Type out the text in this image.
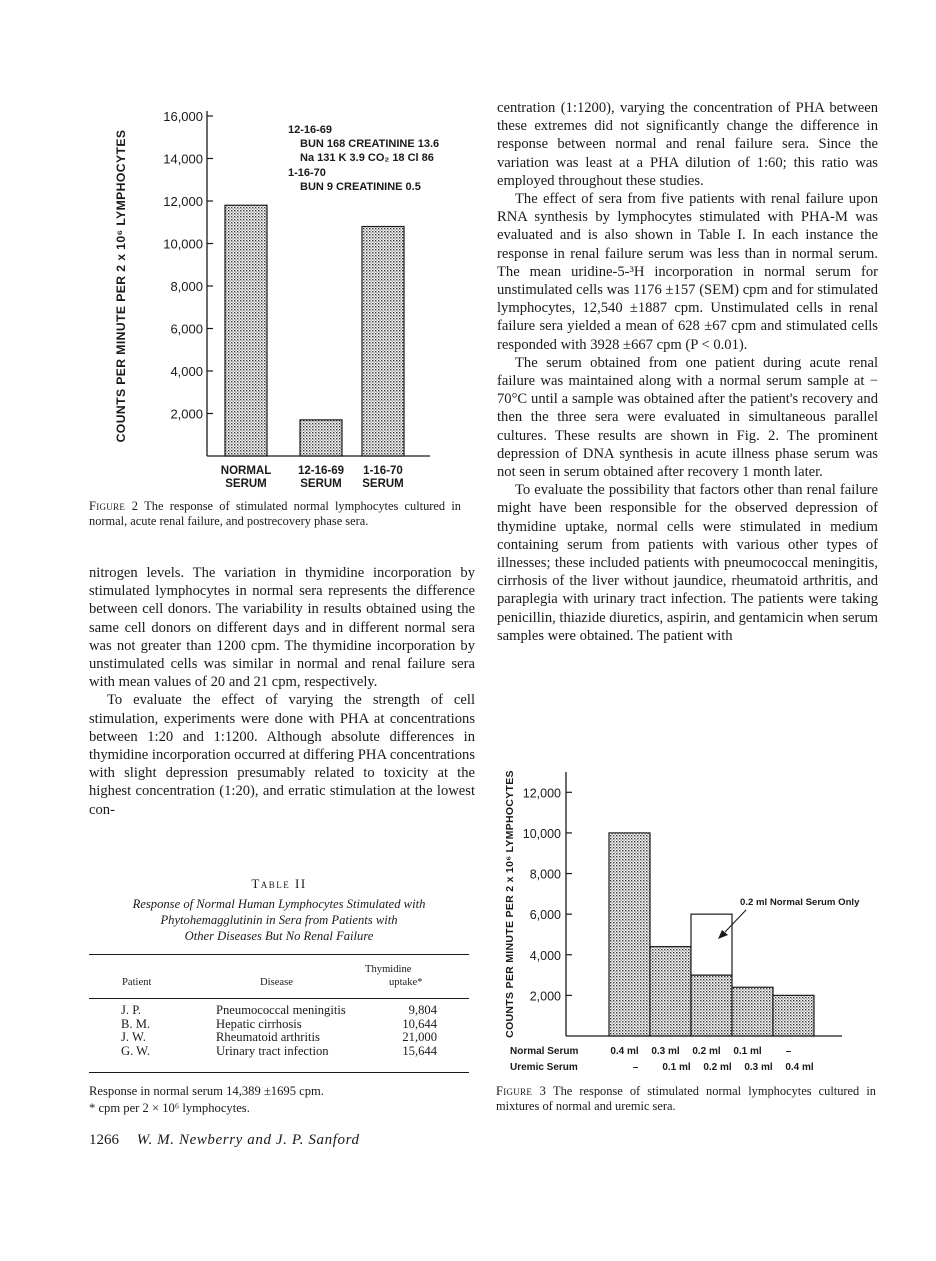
2,000
4,000
6,000
8,000
10,000
12,000
14,000
16,000
COUNTS PER MINUTE PER 2 x 10⁶ LYMPHOCYTES
NORMAL
SERUM
12-16-69
SERUM
1-16-70
SERUM
12-16-69
BUN 168 CREATININE 13.6
Na 131 K 3.9 CO₂ 18 Cl 86
1-16-70
BUN 9 CREATININE 0.5
Figure 2 The response of stimulated normal lymphocytes cultured in normal, acute renal failure, and postrecovery phase sera.

nitrogen levels. The variation in thymidine incorporation by stimulated lymphocytes in normal sera represents the difference between cell donors. The variability in results obtained using the same cell donors on different days and in different normal sera was not greater than 1200 cpm. The thymidine incorporation by unstimulated cells was similar in normal and renal failure sera with mean values of 20 and 21 cpm, respectively.

To evaluate the effect of varying the strength of cell stimulation, experiments were done with PHA at concentrations between 1:20 and 1:1200. Although absolute differences in thymidine incorporation occurred at differing PHA concentrations with slight depression presumably related to toxicity at the highest concentration (1:20), and erratic stimulation at the lowest con-

Table II
Response of Normal Human Lymphocytes Stimulated with
Phytohemagglutinin in Sera from Patients with
Other Diseases But No Renal Failure
Patient	Disease
Thymidine
uptake*
J. P.	Pneumococcal meningitis	9,804
B. M.	Hepatic cirrhosis	10,644
J. W.	Rheumatoid arthritis	21,000
G. W.	Urinary tract infection	15,644
Response in normal serum 14,389 ±1695 cpm.
* cpm per 2 × 10⁶ lymphocytes.
1266 W. M. Newberry and J. P. Sanford

centration (1:1200), varying the concentration of PHA between these extremes did not significantly change the difference in response between normal and renal failure sera. Since the variation was least at a PHA dilution of 1:60; this ratio was employed throughout these studies.

The effect of sera from five patients with renal failure upon RNA synthesis by lymphocytes stimulated with PHA-M was evaluated and is also shown in Table I. In each instance the response in renal failure serum was less than in normal serum. The mean uridine-5-³H incorporation in normal serum for unstimulated cells was 1176 ±157 (SEM) cpm and for stimulated lymphocytes, 12,540 ±1887 cpm. Unstimulated cells in renal failure sera yielded a mean of 628 ±67 cpm and stimulated cells responded with 3928 ±667 cpm (P < 0.01).

The serum obtained from one patient during acute renal failure was maintained along with a normal serum sample at − 70°C until a sample was obtained after the patient's recovery and then the three sera were evaluated in simultaneous parallel cultures. These results are shown in Fig. 2. The prominent depression of DNA synthesis in acute illness phase serum was not seen in serum obtained after recovery 1 month later.

To evaluate the possibility that factors other than renal failure might have been responsible for the observed depression of thymidine uptake, normal cells were stimulated in medium containing serum from patients with various other types of illnesses; these included patients with pneumococcal meningitis, cirrhosis of the liver without jaundice, rheumatoid arthritis, and paraplegia with urinary tract infection. The patients were taking penicillin, thiazide diuretics, aspirin, and gentamicin when serum samples were obtained. The patient with

2,000
4,000
6,000
8,000
10,000
12,000
COUNTS PER MINUTE PER 2 x 10⁶ LYMPHOCYTES	0.2 ml Normal Serum Only
Normal Serum
Uremic Serum
0.4 ml 0.3 ml 0.2 ml 0.1 ml –
– 0.1 ml 0.2 ml 0.3 ml 0.4 ml
Figure 3 The response of stimulated normal lymphocytes cultured in mixtures of normal and uremic sera.
